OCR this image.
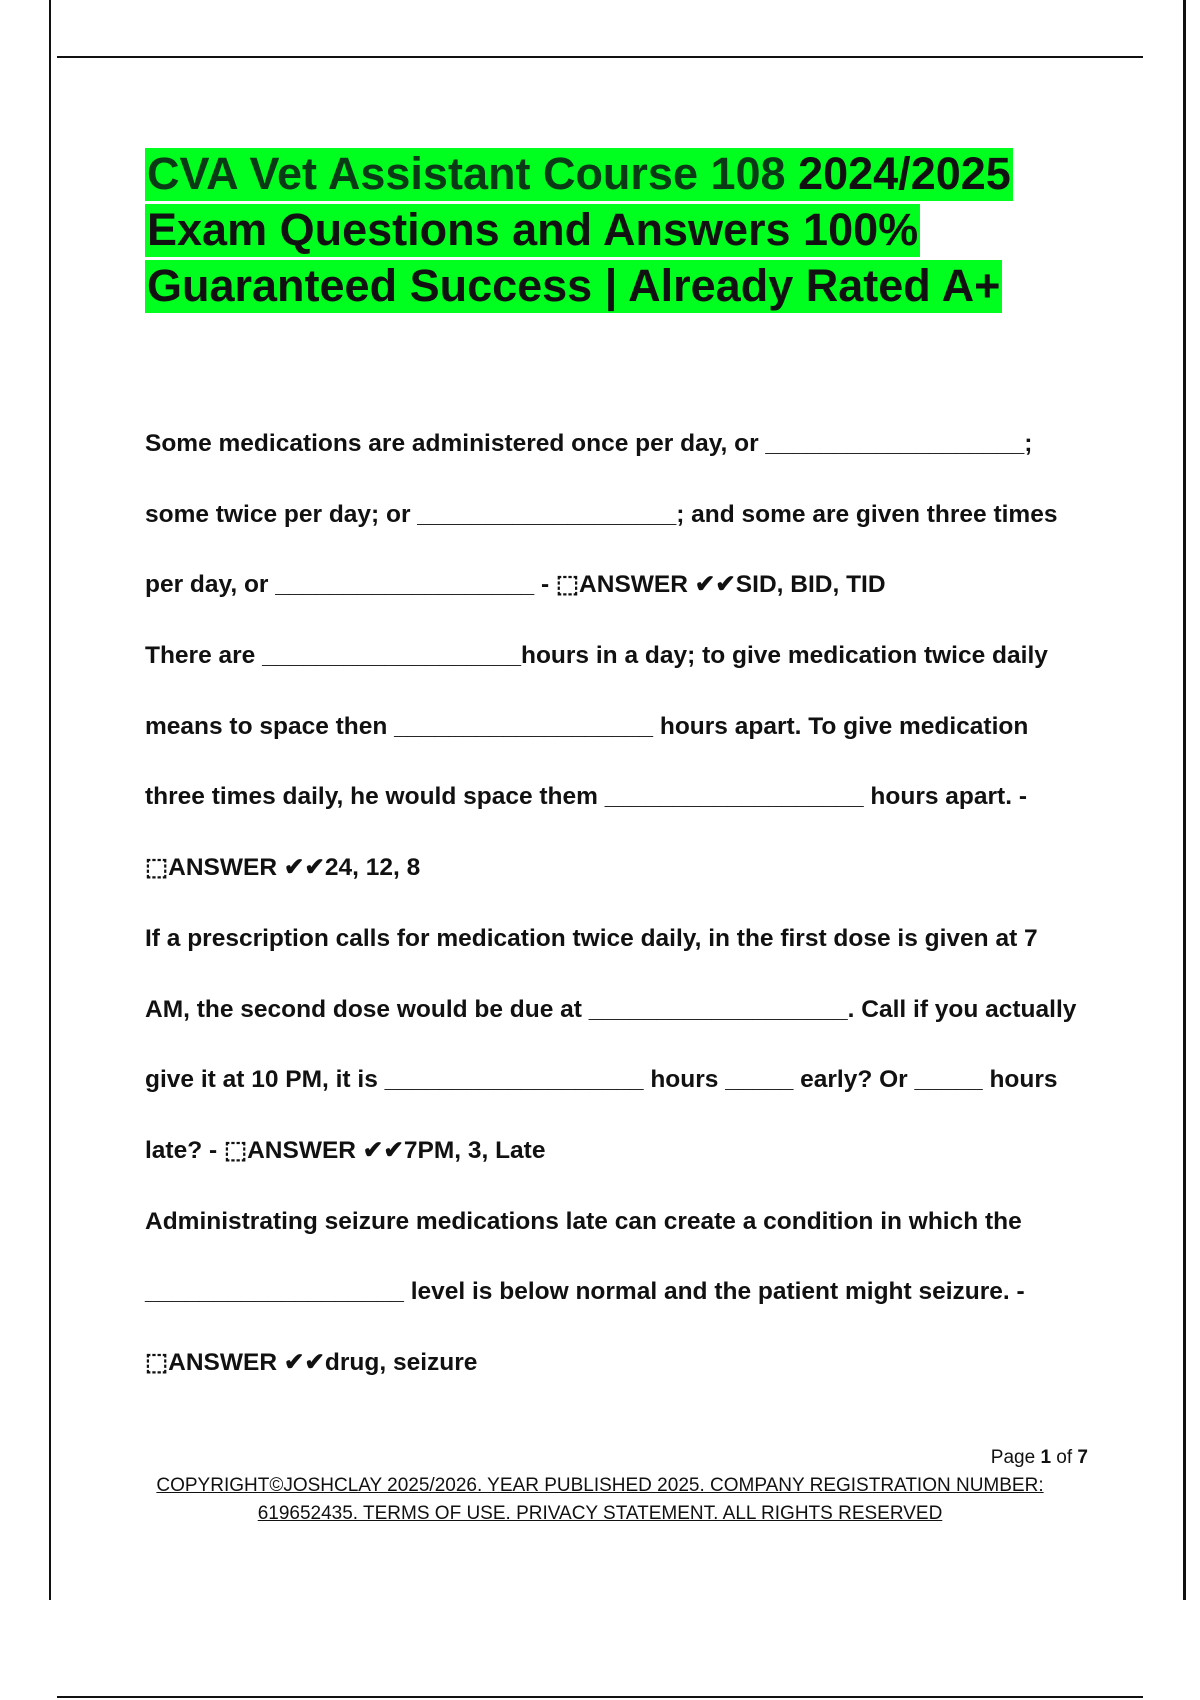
CVA Vet Assistant Course 108 2024/2025
Exam Questions and Answers 100%
Guaranteed Success | Already Rated A+
Some medications are administered once per day, or ___________________;
some twice per day; or ___________________; and some are given three times
per day, or ___________________ - ⬚ANSWER ✔✔SID, BID, TID
There are ___________________hours in a day; to give medication twice daily
means to space then ___________________ hours apart. To give medication
three times daily, he would space them ___________________ hours apart. -
⬚ANSWER ✔✔24, 12, 8
If a prescription calls for medication twice daily, in the first dose is given at 7
AM, the second dose would be due at ___________________. Call if you actually
give it at 10 PM, it is ___________________ hours _____ early? Or _____ hours
late? - ⬚ANSWER ✔✔7PM, 3, Late
Administrating seizure medications late can create a condition in which the
___________________ level is below normal and the patient might seizure. -
⬚ANSWER ✔✔drug, seizure
Page 1 of 7
COPYRIGHT©JOSHCLAY 2025/2026. YEAR PUBLISHED 2025. COMPANY REGISTRATION NUMBER:
619652435. TERMS OF USE. PRIVACY STATEMENT. ALL RIGHTS RESERVED
